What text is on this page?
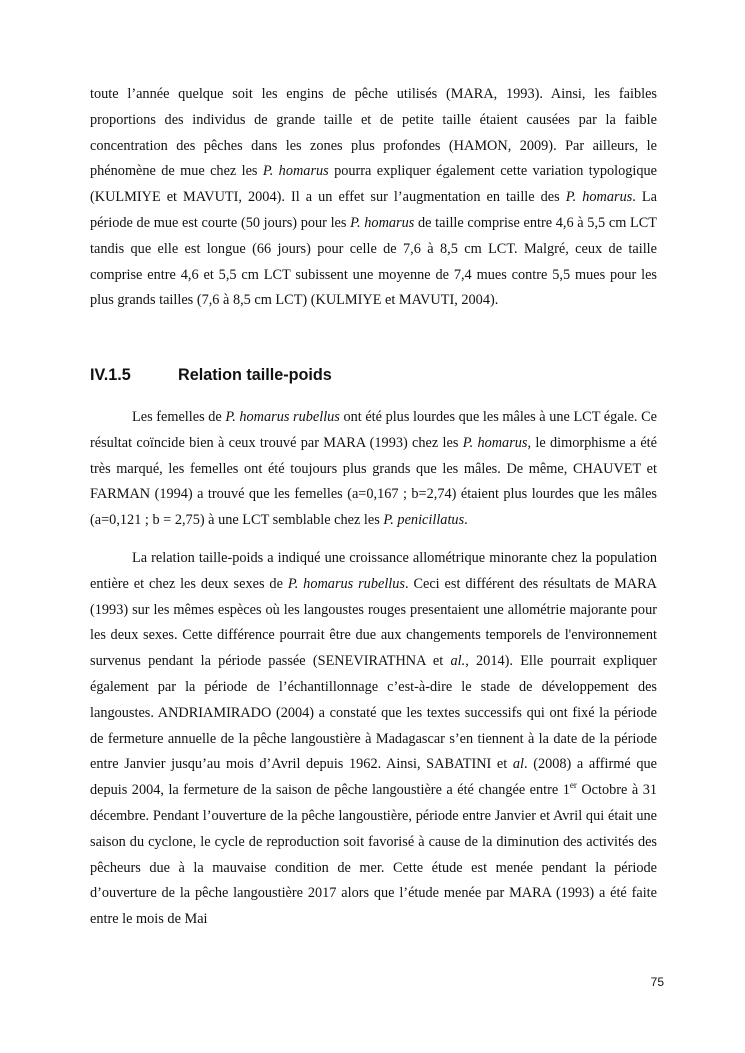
toute l’année quelque soit les engins de pêche utilisés (MARA, 1993). Ainsi, les faibles proportions des individus de grande taille et de petite taille étaient causées par la faible concentration des pêches dans les zones plus profondes (HAMON, 2009). Par ailleurs, le phénomène de mue chez les P. homarus pourra expliquer également cette variation typologique (KULMIYE et MAVUTI, 2004). Il a un effet sur l’augmentation en taille des P. homarus. La période de mue est courte (50 jours) pour les P. homarus de taille comprise entre 4,6 à 5,5 cm LCT tandis que elle est longue (66 jours) pour celle de 7,6 à 8,5 cm LCT. Malgré, ceux de taille comprise entre 4,6 et 5,5 cm LCT subissent une moyenne de 7,4 mues contre 5,5 mues pour les plus grands tailles (7,6 à 8,5 cm LCT) (KULMIYE et MAVUTI, 2004).

IV.1.5	Relation taille-poids

Les femelles de P. homarus rubellus ont été plus lourdes que les mâles à une LCT égale. Ce résultat coïncide bien à ceux trouvé par MARA (1993) chez les P. homarus, le dimorphisme a été très marqué, les femelles ont été toujours plus grands que les mâles. De même, CHAUVET et FARMAN (1994) a trouvé que les femelles (a=0,167 ; b=2,74) étaient plus lourdes que les mâles (a=0,121 ; b = 2,75) à une LCT semblable chez les P. penicillatus.

La relation taille-poids a indiqué une croissance allométrique minorante chez la population entière et chez les deux sexes de P. homarus rubellus. Ceci est différent des résultats de MARA (1993) sur les mêmes espèces où les langoustes rouges presentaient une allométrie majorante pour les deux sexes. Cette différence pourrait être due aux changements temporels de l'environnement survenus pendant la période passée (SENEVIRATHNA et al., 2014). Elle pourrait expliquer également par la période de l’échantillonnage c’est-à-dire le stade de développement des langoustes. ANDRIAMIRADO (2004) a constaté que les textes successifs qui ont fixé la période de fermeture annuelle de la pêche langoustière à Madagascar s’en tiennent à la date de la période entre Janvier jusqu’au mois d’Avril depuis 1962. Ainsi, SABATINI et al. (2008) a affirmé que depuis 2004, la fermeture de la saison de pêche langoustière a été changée entre 1er Octobre à 31 décembre. Pendant l’ouverture de la pêche langoustière, période entre Janvier et Avril qui était une saison du cyclone, le cycle de reproduction soit favorisé à cause de la diminution des activités des pêcheurs due à la mauvaise condition de mer. Cette étude est menée pendant la période d’ouverture de la pêche langoustière 2017 alors que l’étude menée par MARA (1993) a été faite entre le mois de Mai

75
